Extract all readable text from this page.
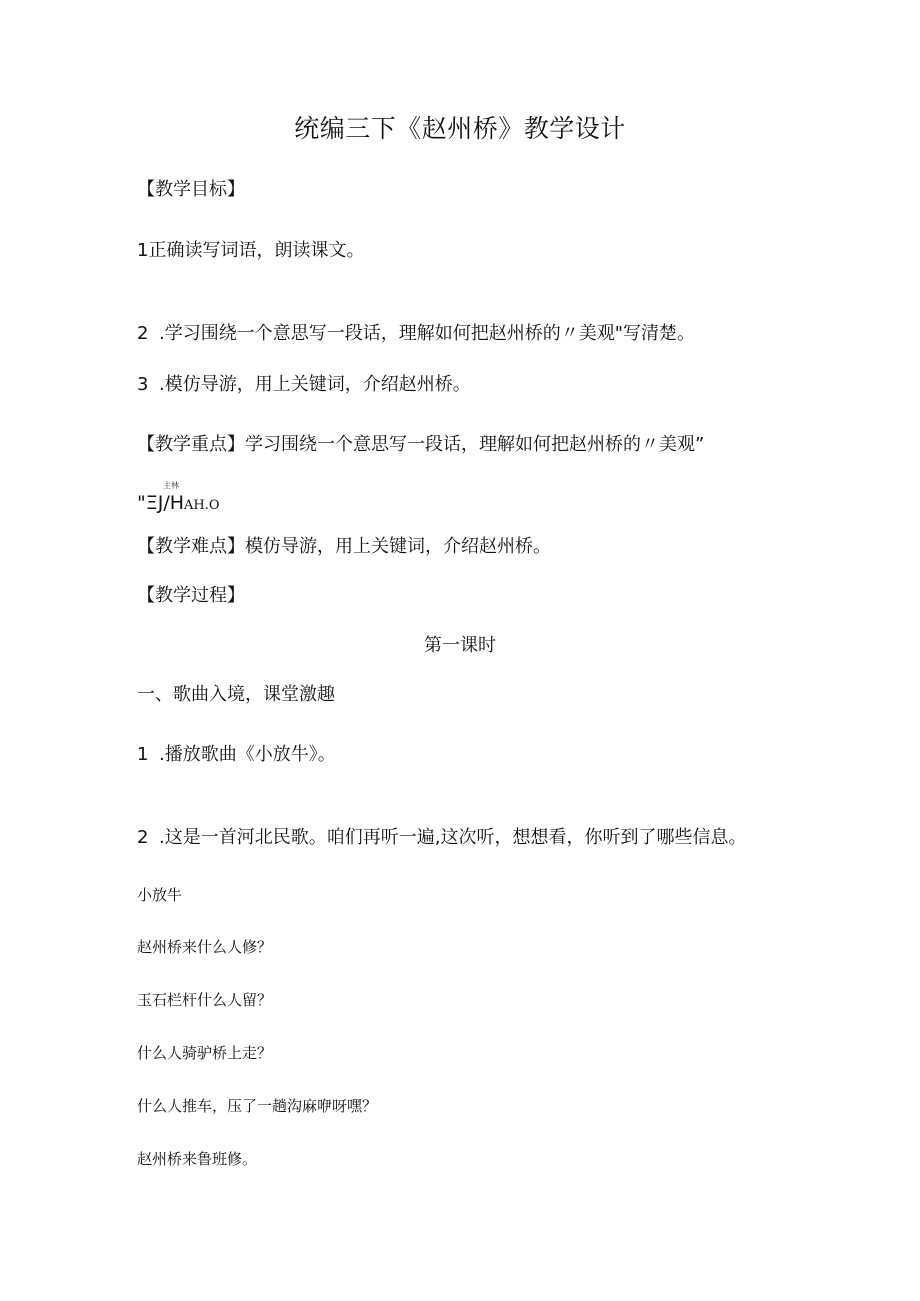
统编三下《赵州桥》教学设计
【教学目标】
1正确读写词语，朗读课文。
2 .学习围绕一个意思写一段话，理解如何把赵州桥的〃美观"写清楚。
3 .模仿导游，用上关键词，介绍赵州桥。
【教学重点】学习围绕一个意思写一段话，理解如何把赵州桥的〃美观”
主林
"ΞJ/HAH.O
【教学难点】模仿导游，用上关键词，介绍赵州桥。
【教学过程】
第一课时
一、歌曲入境，课堂激趣
1 .播放歌曲《小放牛》。
2 .这是一首河北民歌。咱们再听一遍,这次听，想想看，你听到了哪些信息。
小放牛
赵州桥来什么人修？
玉石栏杆什么人留？
什么人骑驴桥上走？
什么人推车，压了一趟沟麻咿呀嘿？
赵州桥来鲁班修。
